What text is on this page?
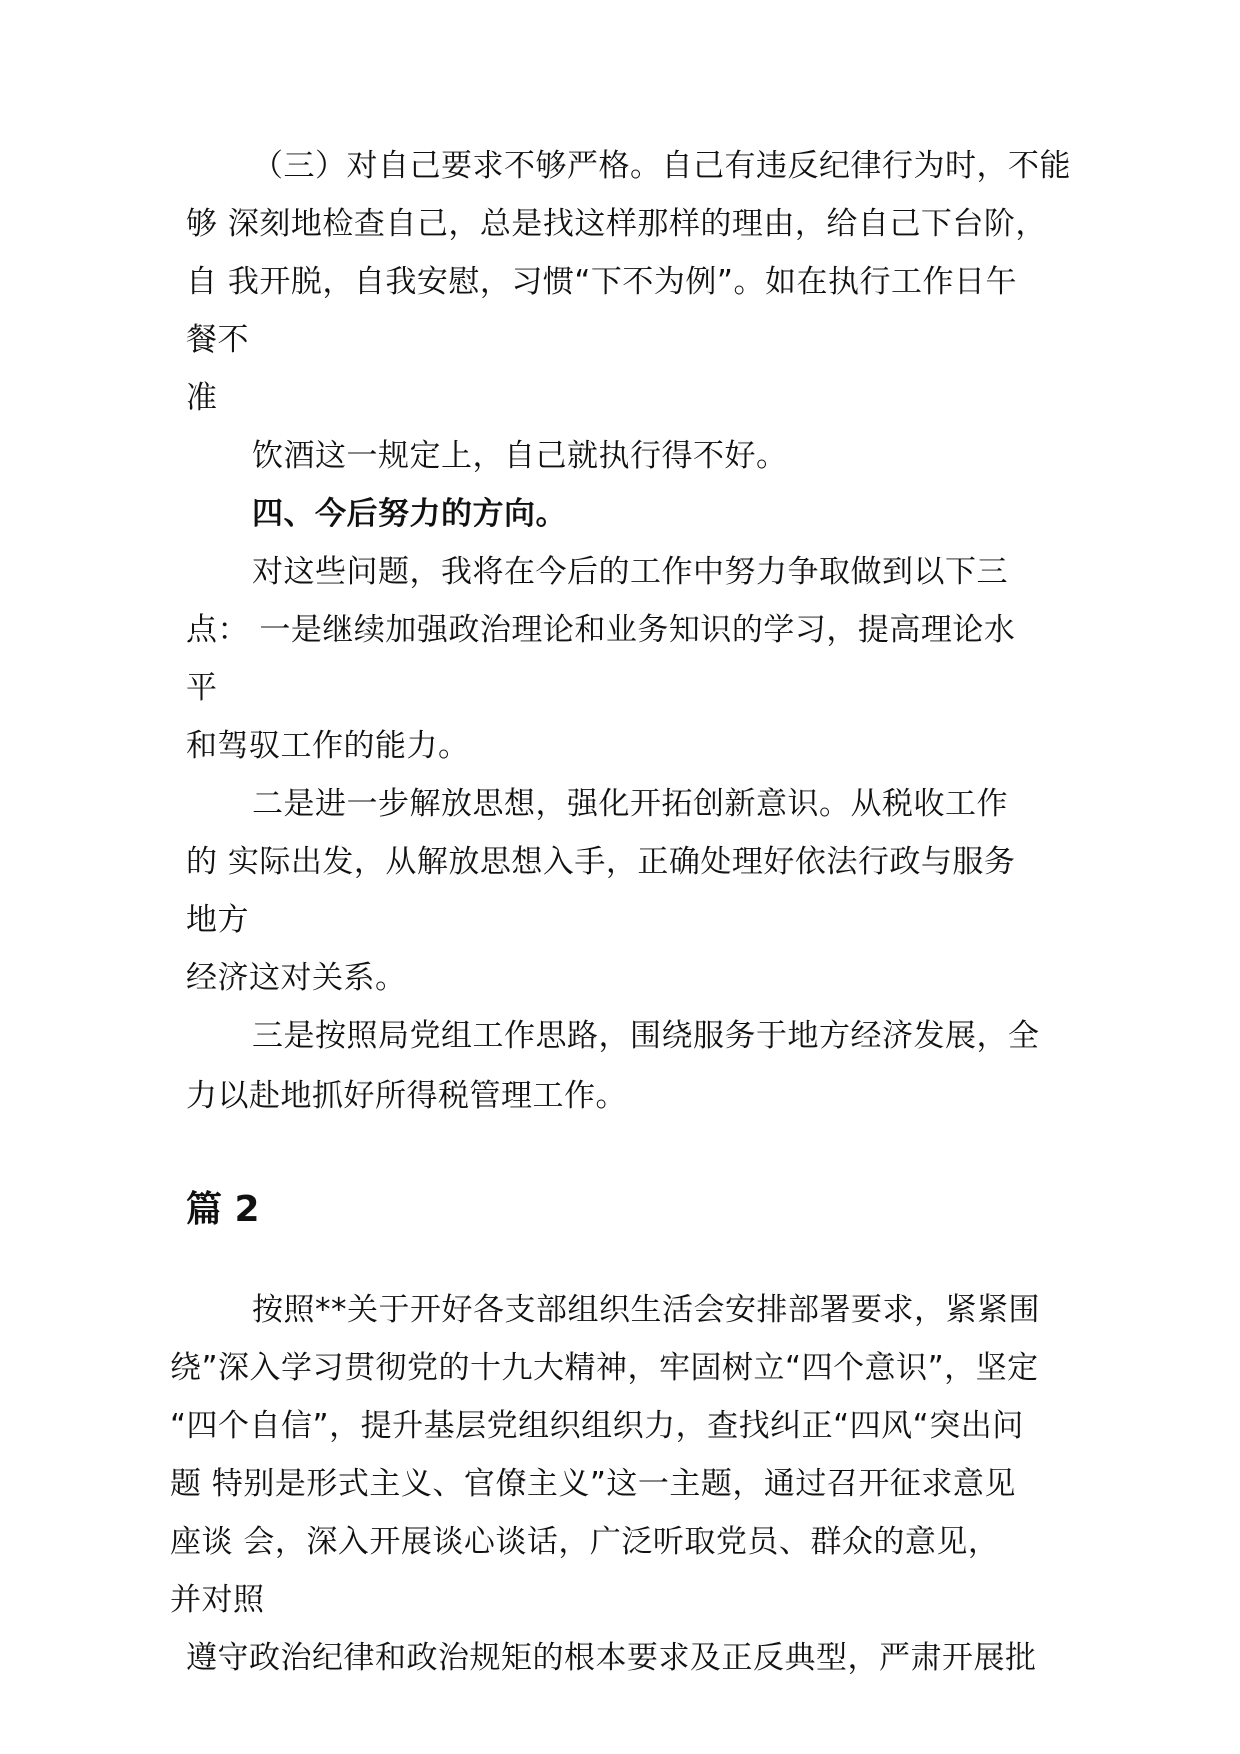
（三）对自己要求不够严格。自己有违反纪律行为时，不能
够 深刻地检查自己，总是找这样那样的理由，给自己下台阶，
自 我开脱，自我安慰，习惯“下不为例”。如在执行工作日午
餐不
准
饮酒这一规定上，自己就执行得不好。
四、今后努力的方向。
对这些问题，我将在今后的工作中努力争取做到以下三
点： 一是继续加强政治理论和业务知识的学习，提高理论水
平
和驾驭工作的能力。
二是进一步解放思想，强化开拓创新意识。从税收工作
的 实际出发，从解放思想入手，正确处理好依法行政与服务
地方
经济这对关系。
三是按照局党组工作思路，围绕服务于地方经济发展，全
力以赴地抓好所得税管理工作。
篇 2
按照**关于开好各支部组织生活会安排部署要求，紧紧围
绕”深入学习贯彻党的十九大精神，牢固树立“四个意识”，坚定
“四个自信”，提升基层党组织组织力，查找纠正“四风“突出问
题 特别是形式主义、官僚主义”这一主题，通过召开征求意见
座谈 会，深入开展谈心谈话，广泛听取党员、群众的意见，
并对照
遵守政治纪律和政治规矩的根本要求及正反典型，严肃开展批
